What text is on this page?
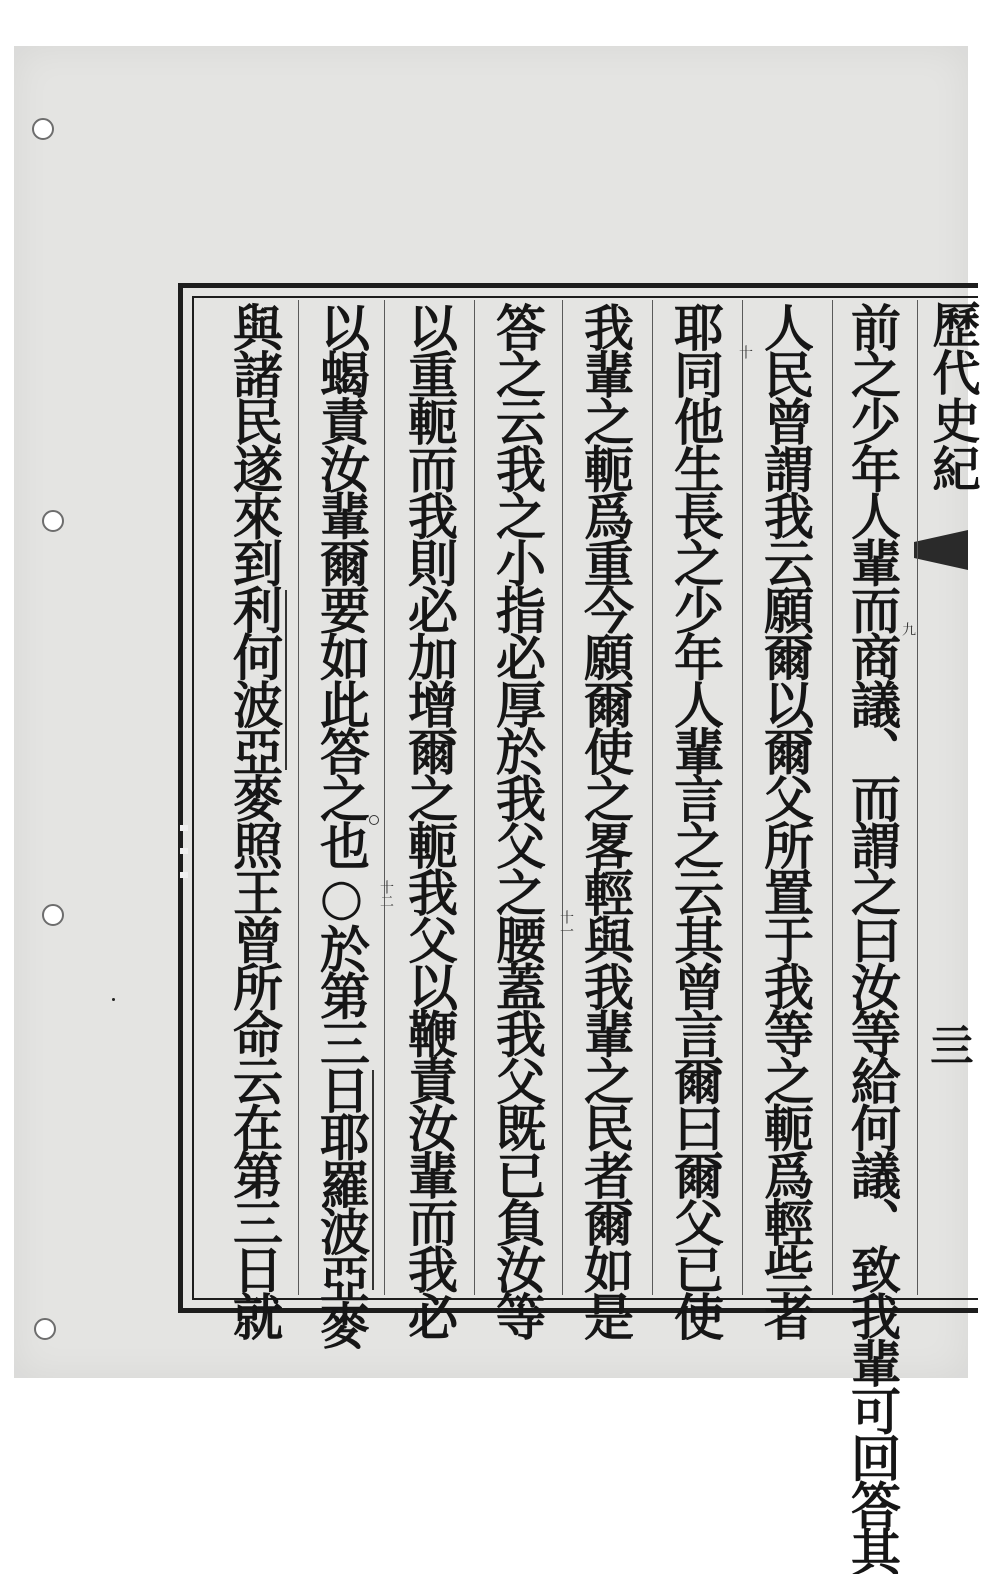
歷代史紀
亖
前之少年人輩而商議、而謂之曰汝等給何議、致我輩可回答其
人民曾謂我云願爾以爾父所置于我等之軛爲輕些者
耶同他生長之少年人輩言之云其曾言爾曰爾父已使
我輩之軛爲重今願爾使之畧輕與我輩之民者爾如是
答之云我之小指必厚於我父之腰蓋我父既已負汝等
以重軛而我則必加增爾之軛我父以鞭責汝輩而我必
以蝎責汝輩爾要如此答之也○於第三日耶羅波亞麥
與諸民遂來到利何波亞麥照王曾所命云在第三日就	九
十
十一
十二
